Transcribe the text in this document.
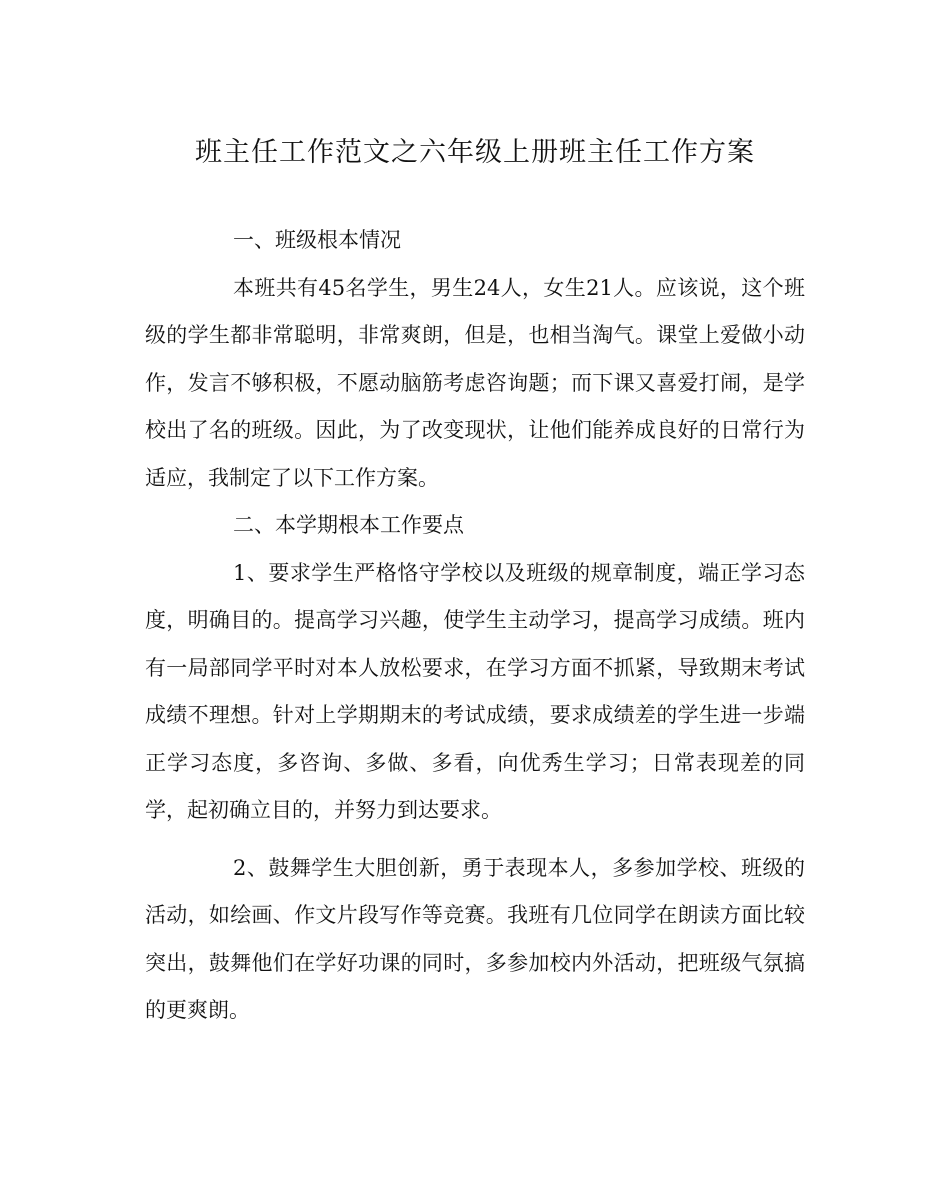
班主任工作范文之六年级上册班主任工作方案

一、班级根本情况

本班共有45名学生，男生24人，女生21人。应该说，这个班级的学生都非常聪明，非常爽朗，但是，也相当淘气。课堂上爱做小动作，发言不够积极，不愿动脑筋考虑咨询题；而下课又喜爱打闹，是学校出了名的班级。因此，为了改变现状，让他们能养成良好的日常行为适应，我制定了以下工作方案。

二、本学期根本工作要点

1、要求学生严格恪守学校以及班级的规章制度，端正学习态度，明确目的。提高学习兴趣，使学生主动学习，提高学习成绩。班内有一局部同学平时对本人放松要求，在学习方面不抓紧，导致期末考试成绩不理想。针对上学期期末的考试成绩，要求成绩差的学生进一步端正学习态度，多咨询、多做、多看，向优秀生学习；日常表现差的同学，起初确立目的，并努力到达要求。

2、鼓舞学生大胆创新，勇于表现本人，多参加学校、班级的活动，如绘画、作文片段写作等竞赛。我班有几位同学在朗读方面比较突出，鼓舞他们在学好功课的同时，多参加校内外活动，把班级气氛搞的更爽朗。
